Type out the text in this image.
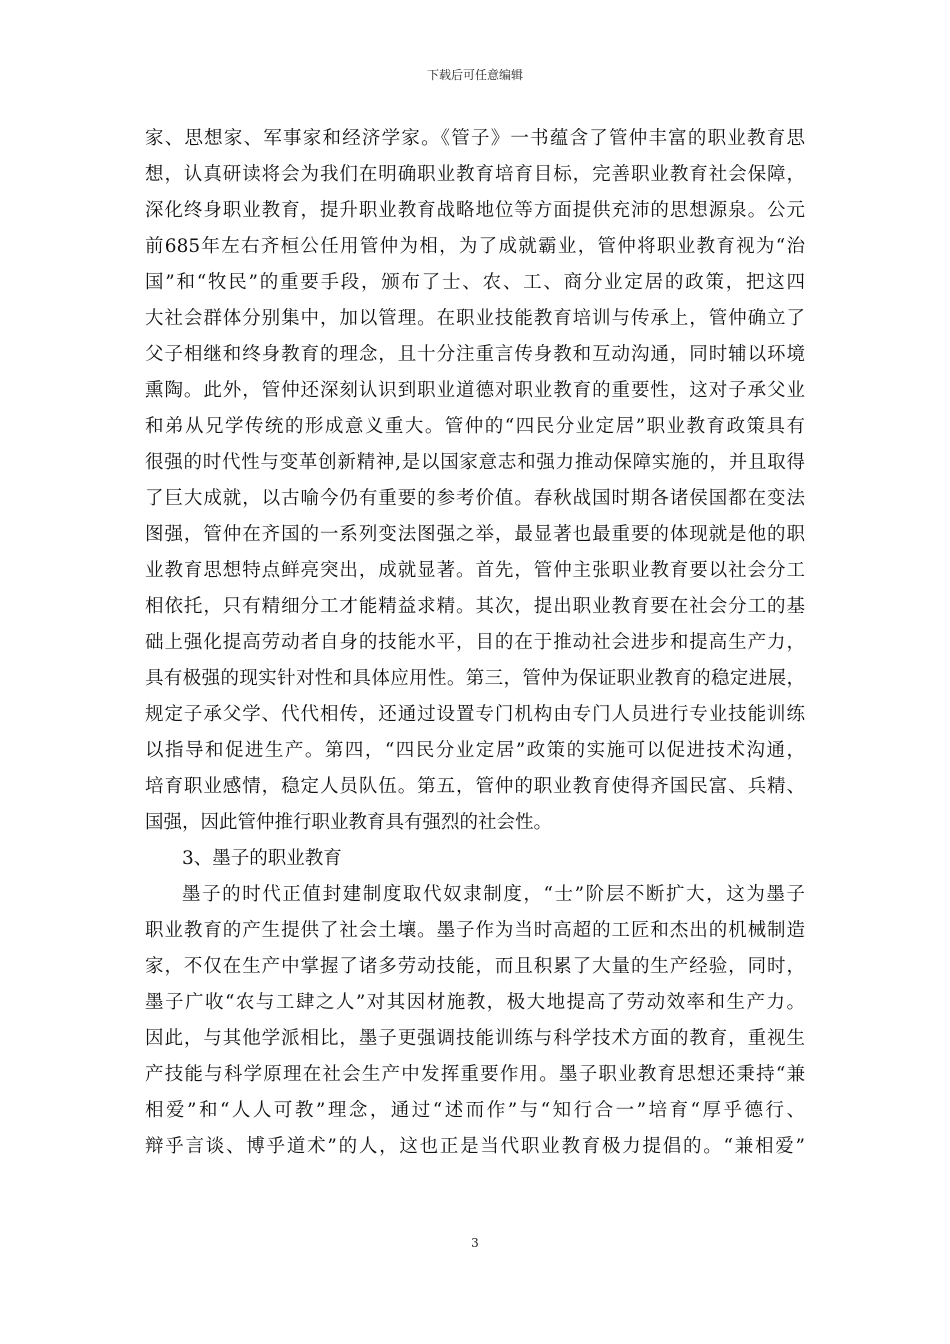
下载后可任意编辑
家、思想家、军事家和经济学家。《管子》一书蕴含了管仲丰富的职业教育思
想，认真研读将会为我们在明确职业教育培育目标，完善职业教育社会保障，
深化终身职业教育，提升职业教育战略地位等方面提供充沛的思想源泉。公元
前685年左右齐桓公任用管仲为相，为了成就霸业，管仲将职业教育视为“治
国”和“牧民”的重要手段，颁布了士、农、工、商分业定居的政策，把这四
大社会群体分别集中，加以管理。在职业技能教育培训与传承上，管仲确立了
父子相继和终身教育的理念，且十分注重言传身教和互动沟通，同时辅以环境
熏陶。此外，管仲还深刻认识到职业道德对职业教育的重要性，这对子承父业
和弟从兄学传统的形成意义重大。管仲的“四民分业定居”职业教育政策具有
很强的时代性与变革创新精神,是以国家意志和强力推动保障实施的，并且取得
了巨大成就，以古喻今仍有重要的参考价值。春秋战国时期各诸侯国都在变法
图强，管仲在齐国的一系列变法图强之举，最显著也最重要的体现就是他的职
业教育思想特点鲜亮突出，成就显著。首先，管仲主张职业教育要以社会分工
相依托，只有精细分工才能精益求精。其次，提出职业教育要在社会分工的基
础上强化提高劳动者自身的技能水平，目的在于推动社会进步和提高生产力，
具有极强的现实针对性和具体应用性。第三，管仲为保证职业教育的稳定进展，
规定子承父学、代代相传，还通过设置专门机构由专门人员进行专业技能训练
以指导和促进生产。第四，“四民分业定居”政策的实施可以促进技术沟通，
培育职业感情，稳定人员队伍。第五，管仲的职业教育使得齐国民富、兵精、
国强，因此管仲推行职业教育具有强烈的社会性。
3、墨子的职业教育
墨子的时代正值封建制度取代奴隶制度，“士”阶层不断扩大，这为墨子
职业教育的产生提供了社会土壤。墨子作为当时高超的工匠和杰出的机械制造
家，不仅在生产中掌握了诸多劳动技能，而且积累了大量的生产经验，同时，
墨子广收“农与工肆之人”对其因材施教，极大地提高了劳动效率和生产力。
因此，与其他学派相比，墨子更强调技能训练与科学技术方面的教育，重视生
产技能与科学原理在社会生产中发挥重要作用。墨子职业教育思想还秉持“兼
相爱”和“人人可教”理念，通过“述而作”与“知行合一”培育“厚乎德行、
辩乎言谈、博乎道术”的人，这也正是当代职业教育极力提倡的。“兼相爱”
3
